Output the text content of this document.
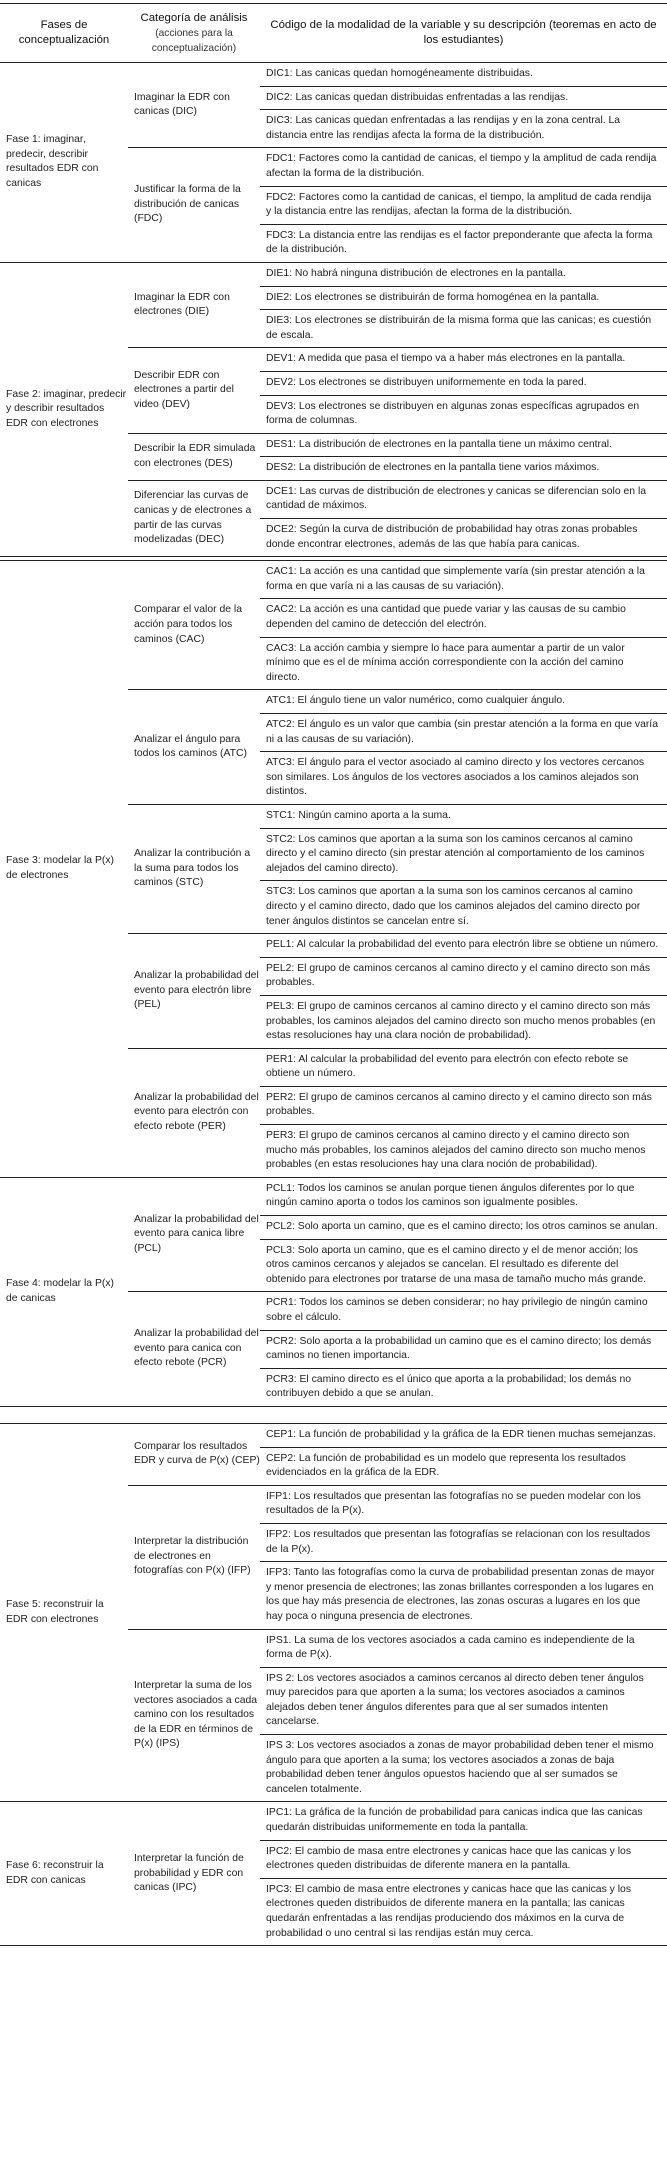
Fases de conceptualización
Categoría de análisis
(acciones para la conceptualización)
Código de la modalidad de la variable y su descripción (teoremas en acto de los estudiantes)
Fase 1: imaginar, predecir, describir resultados EDR con canicas
Imaginar la EDR con canicas (DIC)
DIC1: Las canicas quedan homogéneamente distribuidas.
DIC2: Las canicas quedan distribuidas enfrentadas a las rendijas.
DIC3: Las canicas quedan enfrentadas a las rendijas y en la zona central. La distancia entre las rendijas afecta la forma de la distribución.
Justificar la forma de la distribución de canicas (FDC)
FDC1: Factores como la cantidad de canicas, el tiempo y la amplitud de cada rendija afectan la forma de la distribución.
FDC2: Factores como la cantidad de canicas, el tiempo, la amplitud de cada rendija y la distancia entre las rendijas, afectan la forma de la distribución.
FDC3: La distancia entre las rendijas es el factor preponderante que afecta la forma de la distribución.
Fase 2: imaginar, predecir y describir resultados EDR con electrones
Imaginar la EDR con electrones (DIE)
DIE1: No habrá ninguna distribución de electrones en la pantalla.
DIE2: Los electrones se distribuirán de forma homogénea en la pantalla.
DIE3: Los electrones se distribuirán de la misma forma que las canicas; es cuestión de escala.
Describir EDR con electrones a partir del video (DEV)
DEV1: A medida que pasa el tiempo va a haber más electrones en la pantalla.
DEV2: Los electrones se distribuyen uniformemente en toda la pared.
DEV3: Los electrones se distribuyen en algunas zonas específicas agrupados en forma de columnas.
Describir la EDR simulada con electrones (DES)
DES1: La distribución de electrones en la pantalla tiene un máximo central.
DES2: La distribución de electrones en la pantalla tiene varios máximos.
Diferenciar las curvas de canicas y de electrones a partir de las curvas modelizadas (DEC)
DCE1: Las curvas de distribución de electrones y canicas se diferencian solo en la cantidad de máximos.
DCE2: Según la curva de distribución de probabilidad hay otras zonas probables donde encontrar electrones, además de las que había para canicas.
Fase 3: modelar la P(x) de electrones
Comparar el valor de la acción para todos los caminos (CAC)
CAC1: La acción es una cantidad que simplemente varía (sin prestar atención a la forma en que varía ni a las causas de su variación).
CAC2: La acción es una cantidad que puede variar y las causas de su cambio dependen del camino de detección del electrón.
CAC3: La acción cambia y siempre lo hace para aumentar a partir de un valor mínimo que es el de mínima acción correspondiente con la acción del camino directo.
Analizar el ángulo para todos los caminos (ATC)
ATC1: El ángulo tiene un valor numérico, como cualquier ángulo.
ATC2: El ángulo es un valor que cambia (sin prestar atención a la forma en que varía ni a las causas de su variación).
ATC3: El ángulo para el vector asociado al camino directo y los vectores cercanos son similares. Los ángulos de los vectores asociados a los caminos alejados son distintos.
Analizar la contribución a la suma para todos los caminos (STC)
STC1: Ningún camino aporta a la suma.
STC2: Los caminos que aportan a la suma son los caminos cercanos al camino directo y el camino directo (sin prestar atención al comportamiento de los caminos alejados del camino directo).
STC3: Los caminos que aportan a la suma son los caminos cercanos al camino directo y el camino directo, dado que los caminos alejados del camino directo por tener ángulos distintos se cancelan entre sí.
Analizar la probabilidad del evento para electrón libre (PEL)
PEL1: Al calcular la probabilidad del evento para electrón libre se obtiene un número.
PEL2: El grupo de caminos cercanos al camino directo y el camino directo son más probables.
PEL3: El grupo de caminos cercanos al camino directo y el camino directo son más probables, los caminos alejados del camino directo son mucho menos probables (en estas resoluciones hay una clara noción de probabilidad).
Analizar la probabilidad del evento para electrón con efecto rebote (PER)
PER1: Al calcular la probabilidad del evento para electrón con efecto rebote se obtiene un número.
PER2: El grupo de caminos cercanos al camino directo y el camino directo son más probables.
PER3: El grupo de caminos cercanos al camino directo y el camino directo son mucho más probables, los caminos alejados del camino directo son mucho menos probables (en estas resoluciones hay una clara noción de probabilidad).
Fase 4: modelar la P(x) de canicas
Analizar la probabilidad del evento para canica libre (PCL)
PCL1: Todos los caminos se anulan porque tienen ángulos diferentes por lo que ningún camino aporta o todos los caminos son igualmente posibles.
PCL2: Solo aporta un camino, que es el camino directo; los otros caminos se anulan.
PCL3: Solo aporta un camino, que es el camino directo y el de menor acción; los otros caminos cercanos y alejados se cancelan. El resultado es diferente del obtenido para electrones por tratarse de una masa de tamaño mucho más grande.
Analizar la probabilidad del evento para canica con efecto rebote (PCR)
PCR1: Todos los caminos se deben considerar; no hay privilegio de ningún camino sobre el cálculo.
PCR2: Solo aporta a la probabilidad un camino que es el camino directo; los demás caminos no tienen importancia.
PCR3: El camino directo es el único que aporta a la probabilidad; los demás no contribuyen debido a que se anulan.
Fase 5: reconstruir la EDR con electrones
Comparar los resultados EDR y curva de P(x) (CEP)
CEP1: La función de probabilidad y la gráfica de la EDR tienen muchas semejanzas.
CEP2: La función de probabilidad es un modelo que representa los resultados evidenciados en la gráfica de la EDR.
Interpretar la distribución de electrones en fotografías con P(x) (IFP)
IFP1: Los resultados que presentan las fotografías no se pueden modelar con los resultados de la P(x).
IFP2: Los resultados que presentan las fotografías se relacionan con los resultados de la P(x).
IFP3: Tanto las fotografías como la curva de probabilidad presentan zonas de mayor y menor presencia de electrones; las zonas brillantes corresponden a los lugares en los que hay más presencia de electrones, las zonas oscuras a lugares en los que hay poca o ninguna presencia de electrones.
Interpretar la suma de los vectores asociados a cada camino con los resultados de la EDR en términos de P(x) (IPS)
IPS1. La suma de los vectores asociados a cada camino es independiente de la forma de P(x).
IPS 2: Los vectores asociados a caminos cercanos al directo deben tener ángulos muy parecidos para que aporten a la suma; los vectores asociados a caminos alejados deben tener ángulos diferentes para que al ser sumados intenten cancelarse.
IPS 3: Los vectores asociados a zonas de mayor probabilidad deben tener el mismo ángulo para que aporten a la suma; los vectores asociados a zonas de baja probabilidad deben tener ángulos opuestos haciendo que al ser sumados se cancelen totalmente.
Fase 6: reconstruir la EDR con canicas
Interpretar la función de probabilidad y EDR con canicas (IPC)
IPC1: La gráfica de la función de probabilidad para canicas indica que las canicas quedarán distribuidas uniformemente en toda la pantalla.
IPC2: El cambio de masa entre electrones y canicas hace que las canicas y los electrones queden distribuidas de diferente manera en la pantalla.
IPC3: El cambio de masa entre electrones y canicas hace que las canicas y los electrones queden distribuidos de diferente manera en la pantalla; las canicas quedarán enfrentadas a las rendijas produciendo dos máximos en la curva de probabilidad o uno central si las rendijas están muy cerca.
